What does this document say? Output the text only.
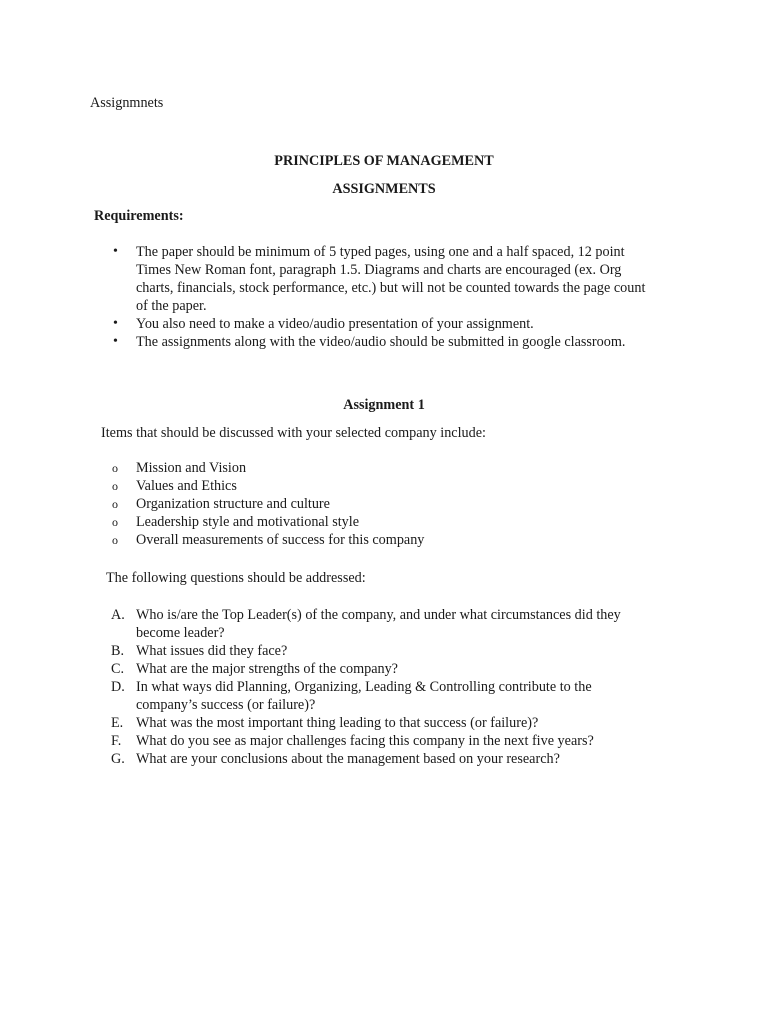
Assignmnets
PRINCIPLES OF MANAGEMENT
ASSIGNMENTS
Requirements:
• The paper should be minimum of 5 typed pages, using one and a half spaced, 12 point
Times New Roman font, paragraph 1.5. Diagrams and charts are encouraged (ex. Org
charts, financials, stock performance, etc.) but will not be counted towards the page count
of the paper.
• You also need to make a video/audio presentation of your assignment.
• The assignments along with the video/audio should be submitted in google classroom.
Assignment 1
Items that should be discussed with your selected company include:
o Mission and Vision
o Values and Ethics
o Organization structure and culture
o Leadership style and motivational style
o Overall measurements of success for this company
The following questions should be addressed:
A. Who is/are the Top Leader(s) of the company, and under what circumstances did they
become leader?
B. What issues did they face?
C. What are the major strengths of the company?
D. In what ways did Planning, Organizing, Leading & Controlling contribute to the
company’s success (or failure)?
E. What was the most important thing leading to that success (or failure)?
F. What do you see as major challenges facing this company in the next five years?
G. What are your conclusions about the management based on your research?
